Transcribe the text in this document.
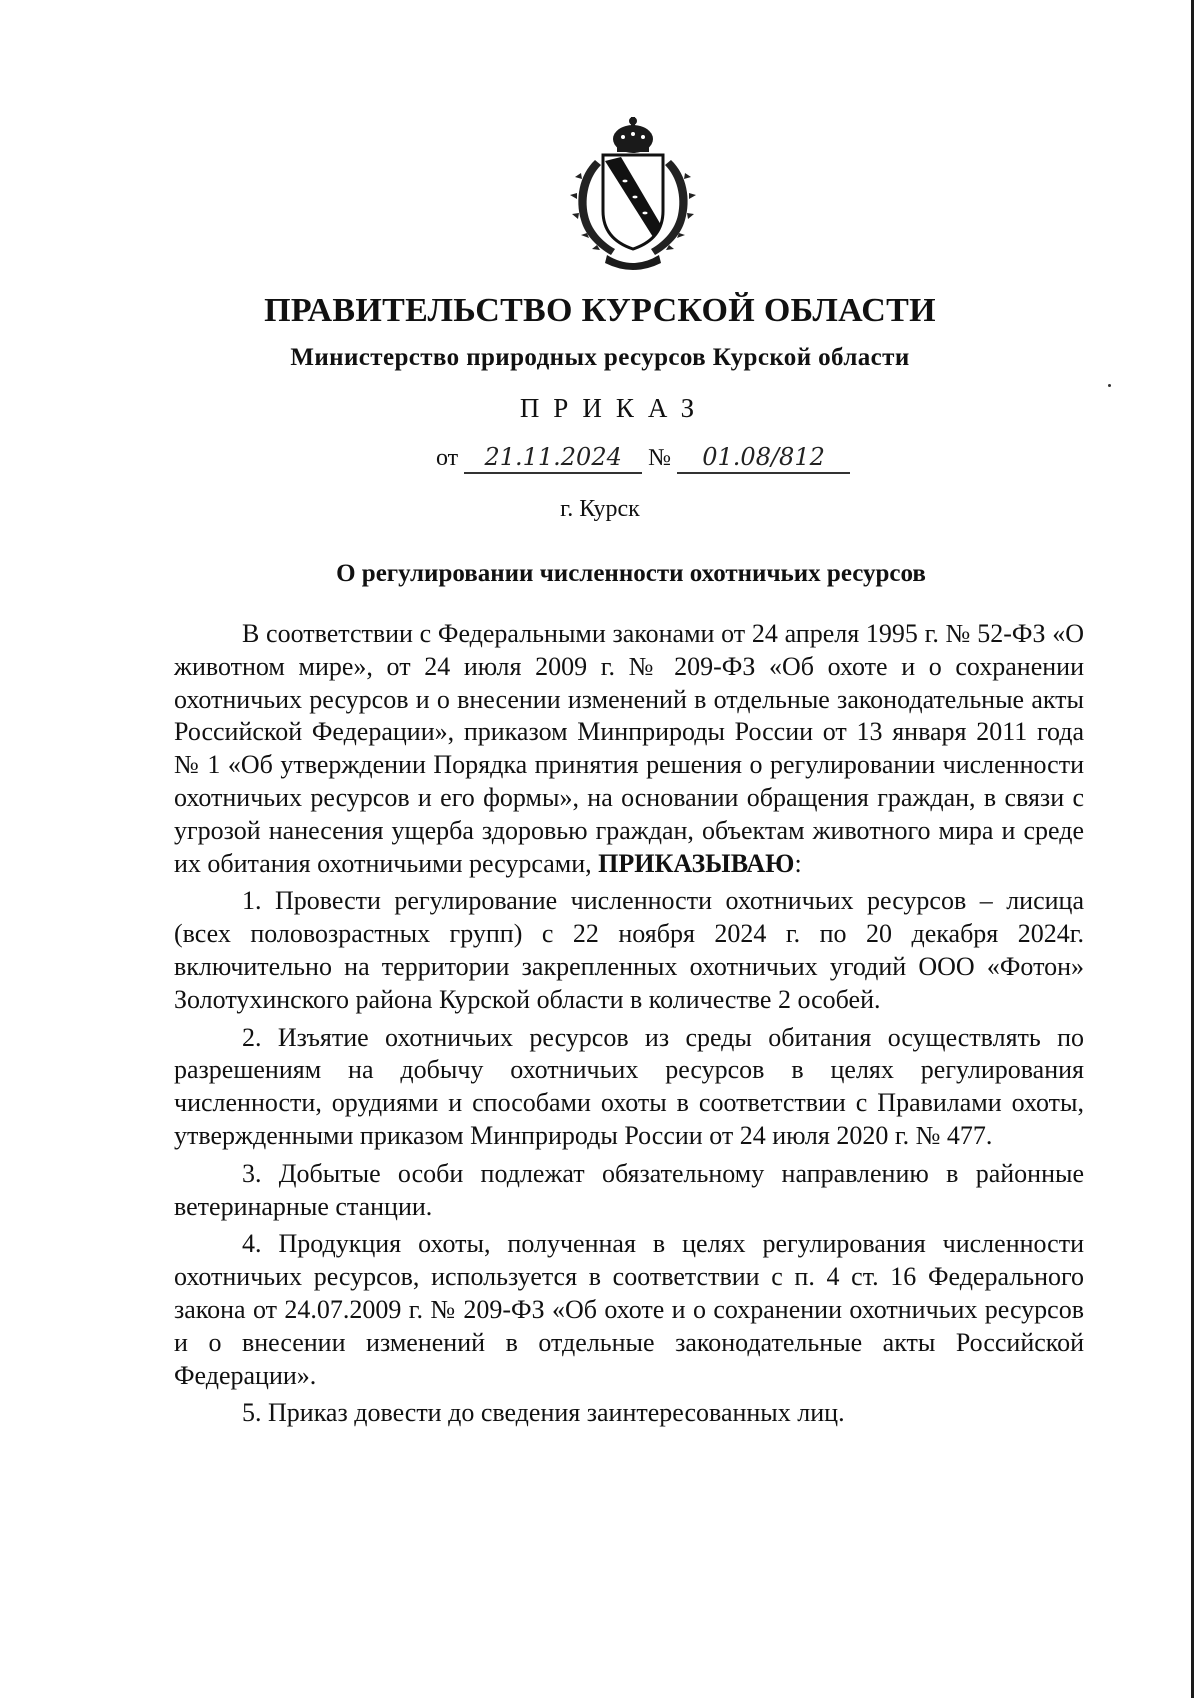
ПРАВИТЕЛЬСТВО КУРСКОЙ ОБЛАСТИ
Министерство природных ресурсов Курской области
ПРИКАЗ
от 21.11.2024 № 01.08/812
г. Курск
О регулировании численности охотничьих ресурсов

В соответствии с Федеральными законами от 24 апреля 1995 г. № 52-ФЗ «О животном мире», от 24 июля 2009 г. № 209-ФЗ «Об охоте и о сохранении охотничьих ресурсов и о внесении изменений в отдельные законодательные акты Российской Федерации», приказом Минприроды России от 13 января 2011 года № 1 «Об утверждении Порядка принятия решения о регулировании численности охотничьих ресурсов и его формы», на основании обращения граждан, в связи с угрозой нанесения ущерба здоровью граждан, объектам животного мира и среде их обитания охотничьими ресурсами, ПРИКАЗЫВАЮ:

1. Провести регулирование численности охотничьих ресурсов – лисица (всех половозрастных групп) с 22 ноября 2024 г. по 20 декабря 2024г. включительно на территории закрепленных охотничьих угодий ООО «Фотон» Золотухинского района Курской области в количестве 2 особей.

2. Изъятие охотничьих ресурсов из среды обитания осуществлять по разрешениям на добычу охотничьих ресурсов в целях регулирования численности, орудиями и способами охоты в соответствии с Правилами охоты, утвержденными приказом Минприроды России от 24 июля 2020 г. № 477.

3. Добытые особи подлежат обязательному направлению в районные ветеринарные станции.

4. Продукция охоты, полученная в целях регулирования численности охотничьих ресурсов, используется в соответствии с п. 4 ст. 16 Федерального закона от 24.07.2009 г. № 209-ФЗ «Об охоте и о сохранении охотничьих ресурсов и о внесении изменений в отдельные законодательные акты Российской Федерации».

5. Приказ довести до сведения заинтересованных лиц.
